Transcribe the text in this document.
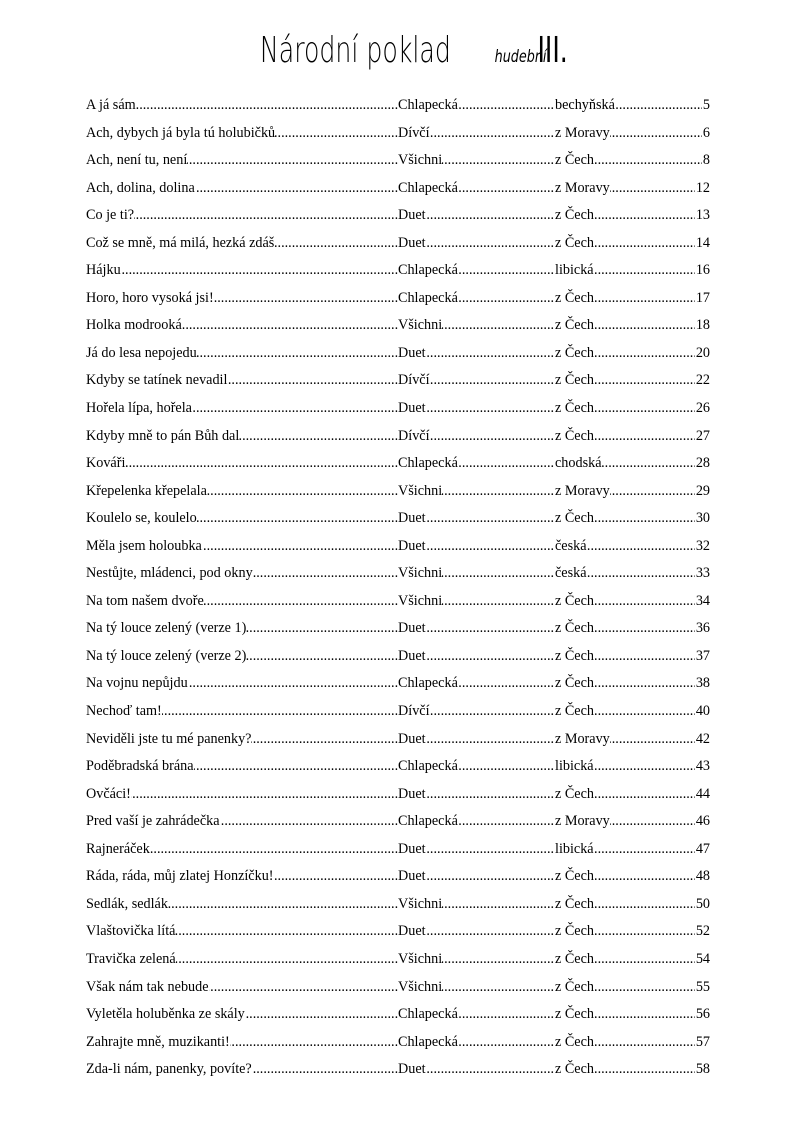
Národní poklad	hudební
III.
A já sám .....	Chlapecká .....	bechyňská	5
.....
Ach, dybych já byla tú holubičků .....	Dívčí .....	z Moravy	6
.....
Ach, není tu, není .....	Všichni .....	z Čech	8
.....
Ach, dolina, dolina .....	Chlapecká .....	z Moravy	12
.....
Co je ti? .....	Duet .....	z Čech	13
.....
Což se mně, má milá, hezká zdáš .....	Duet .....	z Čech	14
.....
Hájku .....	Chlapecká .....	libická	16
.....
Horo, horo vysoká jsi! .....	Chlapecká .....	z Čech	17
.....
Holka modrooká .....	Všichni .....	z Čech	18
.....
Já do lesa nepojedu .....	Duet .....	z Čech	20
.....
Kdyby se tatínek nevadil .....	Dívčí .....	z Čech	22
.....
Hořela lípa, hořela .....	Duet .....	z Čech	26
.....
Kdyby mně to pán Bůh dal .....	Dívčí .....	z Čech	27
.....
Kováři .....	Chlapecká .....	chodská	28
.....
Křepelenka křepelala .....	Všichni .....	z Moravy	29
.....
Koulelo se, koulelo .....	Duet .....	z Čech	30
.....
Měla jsem holoubka .....	Duet .....	česká	32
.....
Nestůjte, mládenci, pod okny .....	Všichni .....	česká	33
.....
Na tom našem dvoře .....	Všichni .....	z Čech	34
.....
Na tý louce zelený (verze 1) .....	Duet .....	z Čech	36
.....
Na tý louce zelený (verze 2) .....	Duet .....	z Čech	37
.....
Na vojnu nepůjdu .....	Chlapecká .....	z Čech	38
.....
Nechoď tam! .....	Dívčí .....	z Čech	40
.....
Neviděli jste tu mé panenky? .....	Duet .....	z Moravy	42
.....
Poděbradská brána .....	Chlapecká .....	libická	43
.....
Ovčáci! .....	Duet .....	z Čech	44
.....
Pred vaší je zahrádečka .....	Chlapecká .....	z Moravy	46
.....
Rajneráček .....	Duet .....	libická	47
.....
Ráda, ráda, můj zlatej Honzíčku! .....	Duet .....	z Čech	48
.....
Sedlák, sedlák .....	Všichni .....	z Čech	50
.....
Vlaštovička lítá .....	Duet .....	z Čech	52
.....
Travička zelená .....	Všichni .....	z Čech	54
.....
Však nám tak nebude .....	Všichni .....	z Čech	55
.....
Vyletěla holuběnka ze skály .....	Chlapecká .....	z Čech	56
.....
Zahrajte mně, muzikanti! .....	Chlapecká .....	z Čech	57
.....
Zda-li nám, panenky, povíte? .....	Duet .....	z Čech	58
.....
